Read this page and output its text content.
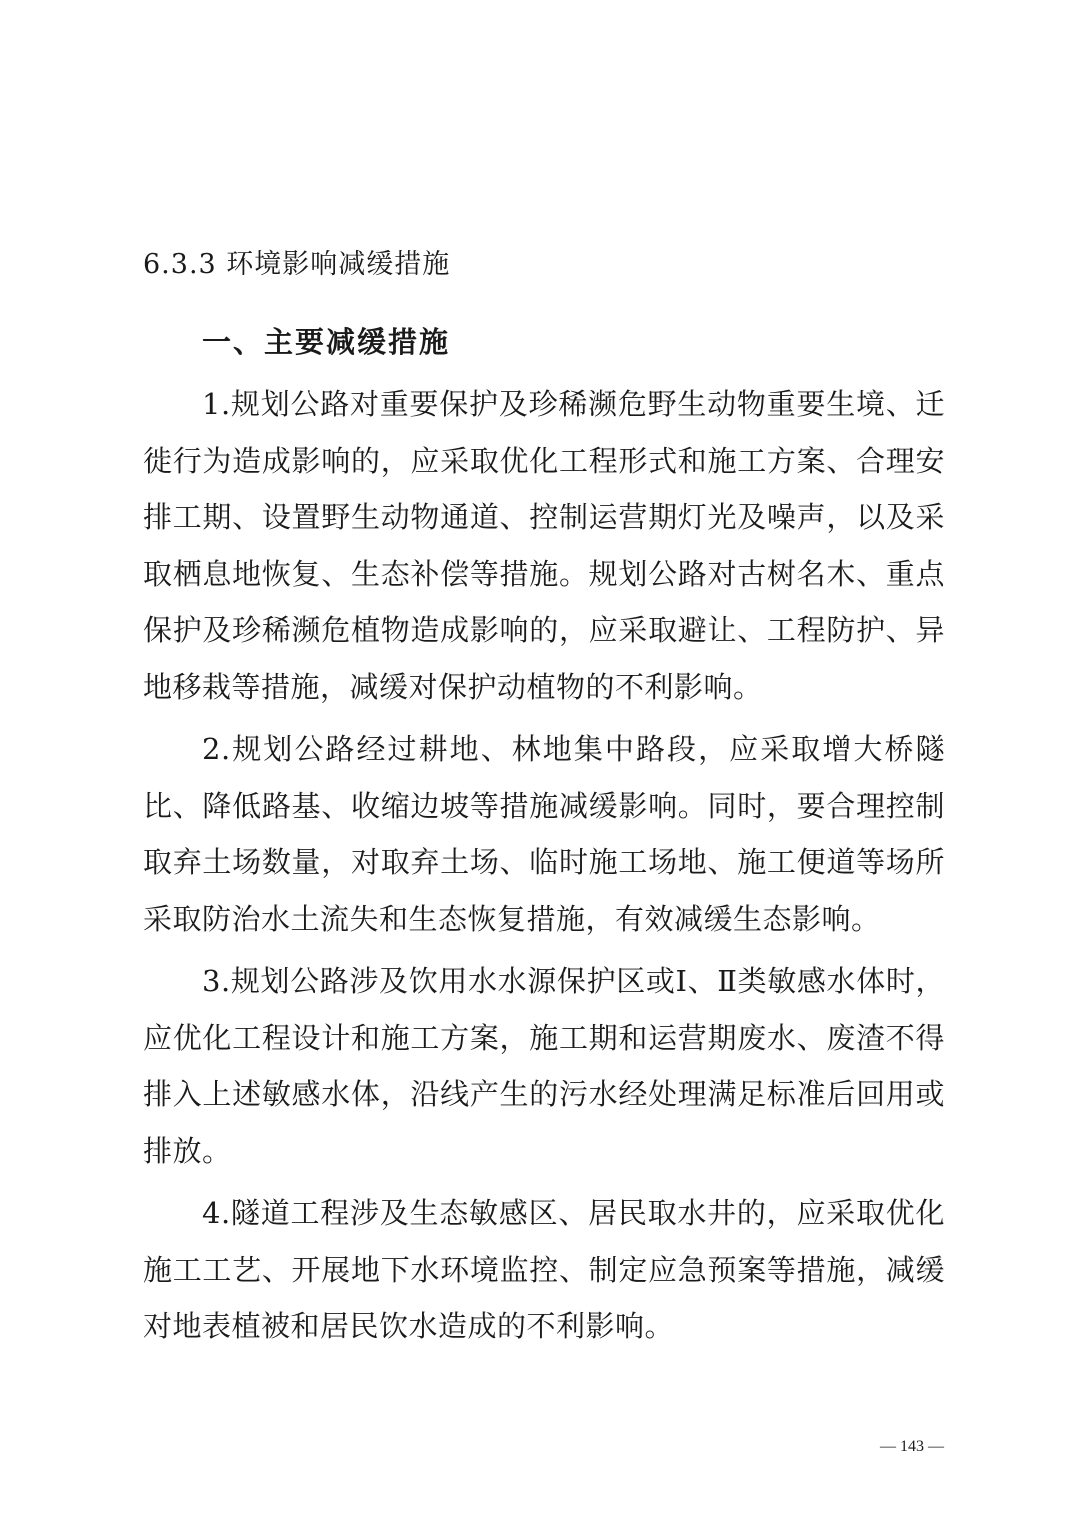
6.3.3 环境影响减缓措施
一、主要减缓措施

1.规划公路对重要保护及珍稀濒危野生动物重要生境、迁徙行为造成影响的，应采取优化工程形式和施工方案、合理安排工期、设置野生动物通道、控制运营期灯光及噪声，以及采取栖息地恢复、生态补偿等措施。规划公路对古树名木、重点保护及珍稀濒危植物造成影响的，应采取避让、工程防护、异地移栽等措施，减缓对保护动植物的不利影响。

2.规划公路经过耕地、林地集中路段，应采取增大桥隧比、降低路基、收缩边坡等措施减缓影响。同时，要合理控制取弃土场数量，对取弃土场、临时施工场地、施工便道等场所采取防治水土流失和生态恢复措施，有效减缓生态影响。

3.规划公路涉及饮用水水源保护区或Ⅰ、Ⅱ类敏感水体时，应优化工程设计和施工方案，施工期和运营期废水、废渣不得排入上述敏感水体，沿线产生的污水经处理满足标准后回用或排放。

4.隧道工程涉及生态敏感区、居民取水井的，应采取优化施工工艺、开展地下水环境监控、制定应急预案等措施，减缓对地表植被和居民饮水造成的不利影响。

— 143 —
